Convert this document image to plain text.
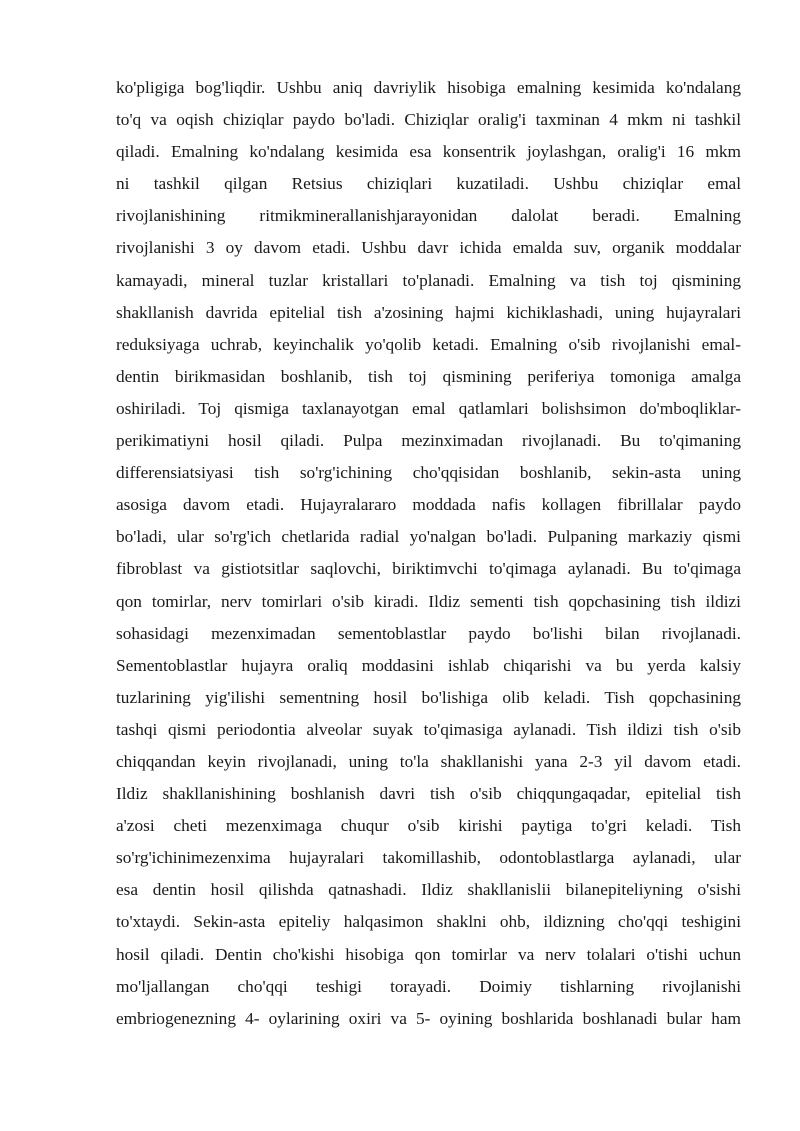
ko'pligiga bog'liqdir. Ushbu aniq davriylik hisobiga emalning kesimida ko'ndalang
to'q va oqish chiziqlar paydo bo'ladi. Chiziqlar oralig'i taxminan 4 mkm ni tashkil
qiladi. Emalning ko'ndalang kesimida esa konsentrik joylashgan, oralig'i 16 mkm
ni tashkil qilgan Retsius chiziqlari kuzatiladi. Ushbu chiziqlar emal
rivojlanishining ritmikminerallanishjarayonidan dalolat beradi. Emalning
rivojlanishi 3 oy davom etadi. Ushbu davr ichida emalda suv, organik moddalar
kamayadi, mineral tuzlar kristallari to'planadi. Emalning va tish toj qismining
shakllanish davrida epitelial tish a'zosining hajmi kichiklashadi, uning hujayralari
reduksiyaga uchrab, keyinchalik yo'qolib ketadi. Emalning o'sib rivojlanishi emal-
dentin birikmasidan boshlanib, tish toj qismining periferiya tomoniga amalga
oshiriladi. Toj qismiga taxlanayotgan emal qatlamlari bolishsimon do'mboqliklar-
perikimatiyni hosil qiladi. Pulpa mezinximadan rivojlanadi. Bu to'qimaning
differensiatsiyasi tish so'rg'ichining cho'qqisidan boshlanib, sekin-asta uning
asosiga davom etadi. Hujayralararo moddada nafis kollagen fibrillalar paydo
bo'ladi, ular so'rg'ich chetlarida radial yo'nalgan bo'ladi. Pulpaning markaziy qismi
fibroblast va gistiotsitlar saqlovchi, biriktimvchi to'qimaga aylanadi. Bu to'qimaga
qon tomirlar, nerv tomirlari o'sib kiradi. Ildiz sementi tish qopchasining tish ildizi
sohasidagi mezenximadan sementoblastlar paydo bo'lishi bilan rivojlanadi.
Sementoblastlar hujayra oraliq moddasini ishlab chiqarishi va bu yerda kalsiy
tuzlarining yig'ilishi sementning hosil bo'lishiga olib keladi. Tish qopchasining
tashqi qismi periodontia alveolar suyak to'qimasiga aylanadi. Tish ildizi tish o'sib
chiqqandan keyin rivojlanadi, uning to'la shakllanishi yana 2-3 yil davom etadi.
Ildiz shakllanishining boshlanish davri tish o'sib chiqqungaqadar, epitelial tish
a'zosi cheti mezenximaga chuqur o'sib kirishi paytiga to'gri keladi. Tish
so'rg'ichinimezenxima hujayralari takomillashib, odontoblastlarga aylanadi, ular
esa dentin hosil qilishda qatnashadi. Ildiz shakllanislii bilanepiteliyning o'sishi
to'xtaydi. Sekin-asta epiteliy halqasimon shaklni ohb, ildizning cho'qqi teshigini
hosil qiladi. Dentin cho'kishi hisobiga qon tomirlar va nerv tolalari o'tishi uchun
mo'ljallangan cho'qqi teshigi torayadi. Doimiy tishlarning rivojlanishi
embriogenezning 4- oylarining oxiri va 5- oyining boshlarida boshlanadi bular ham
